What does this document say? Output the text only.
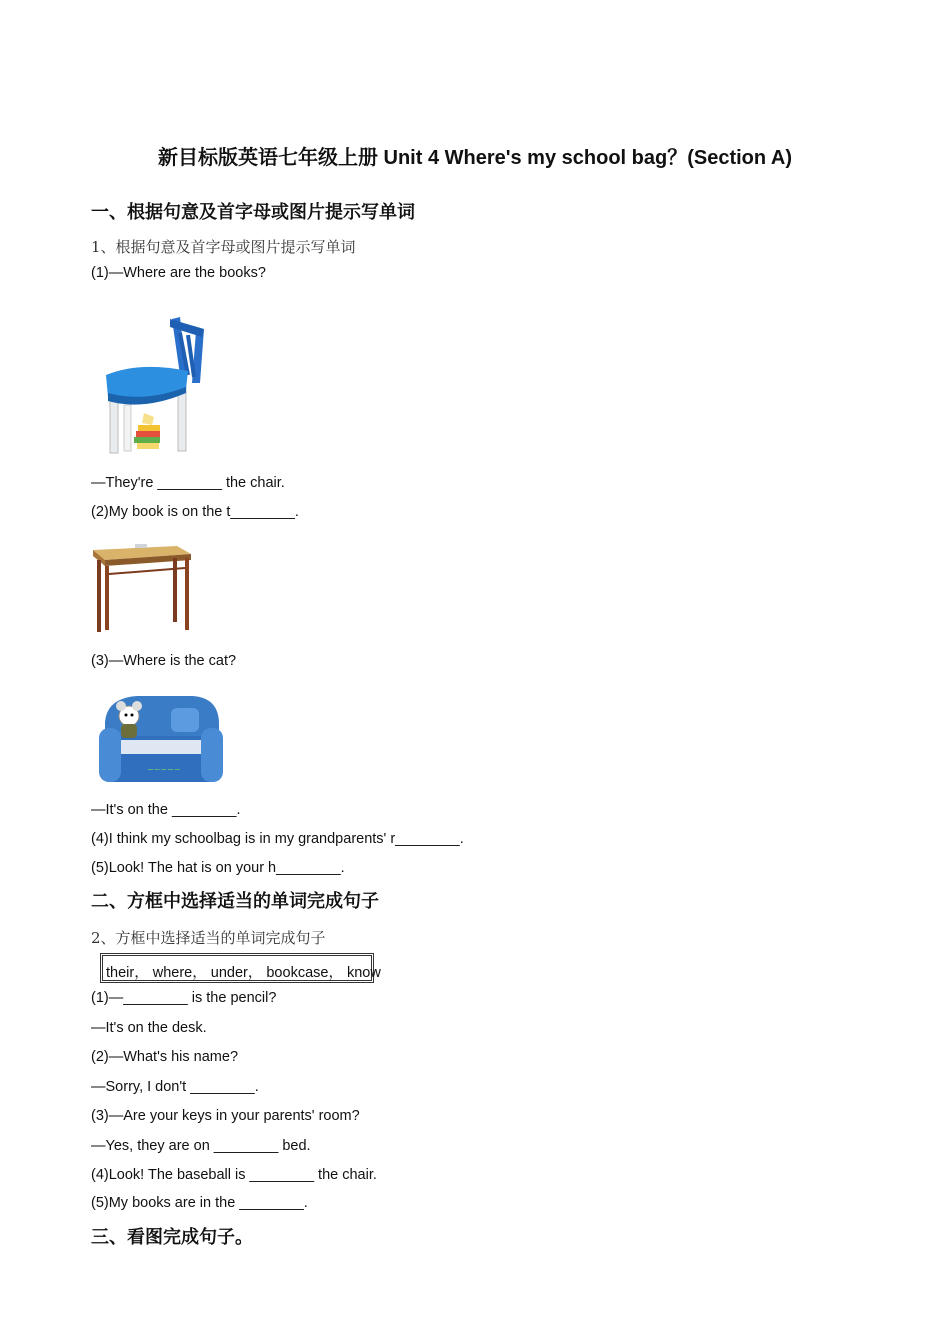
新目标版英语七年级上册 Unit 4 Where's my school bag？(Section A)
一、根据句意及首字母或图片提示写单词
1、根据句意及首字母或图片提示写单词
(1)—Where are the books?
—They're ________ the chair.
(2)My book is on the t________.
(3)—Where is the cat?
~~~~~
—It's on the ________.
(4)I think my schoolbag is in my grandparents' r________.
(5)Look! The hat is on your h________.
二、方框中选择适当的单词完成句子
2、方框中选择适当的单词完成句子
their， where， under， bookcase， know
(1)—________ is the pencil?
—It's on the desk.
(2)—What's his name?
—Sorry, I don't ________.
(3)—Are your keys in your parents' room?
—Yes, they are on ________ bed.
(4)Look! The baseball is ________ the chair.
(5)My books are in the ________.
三、看图完成句子。
